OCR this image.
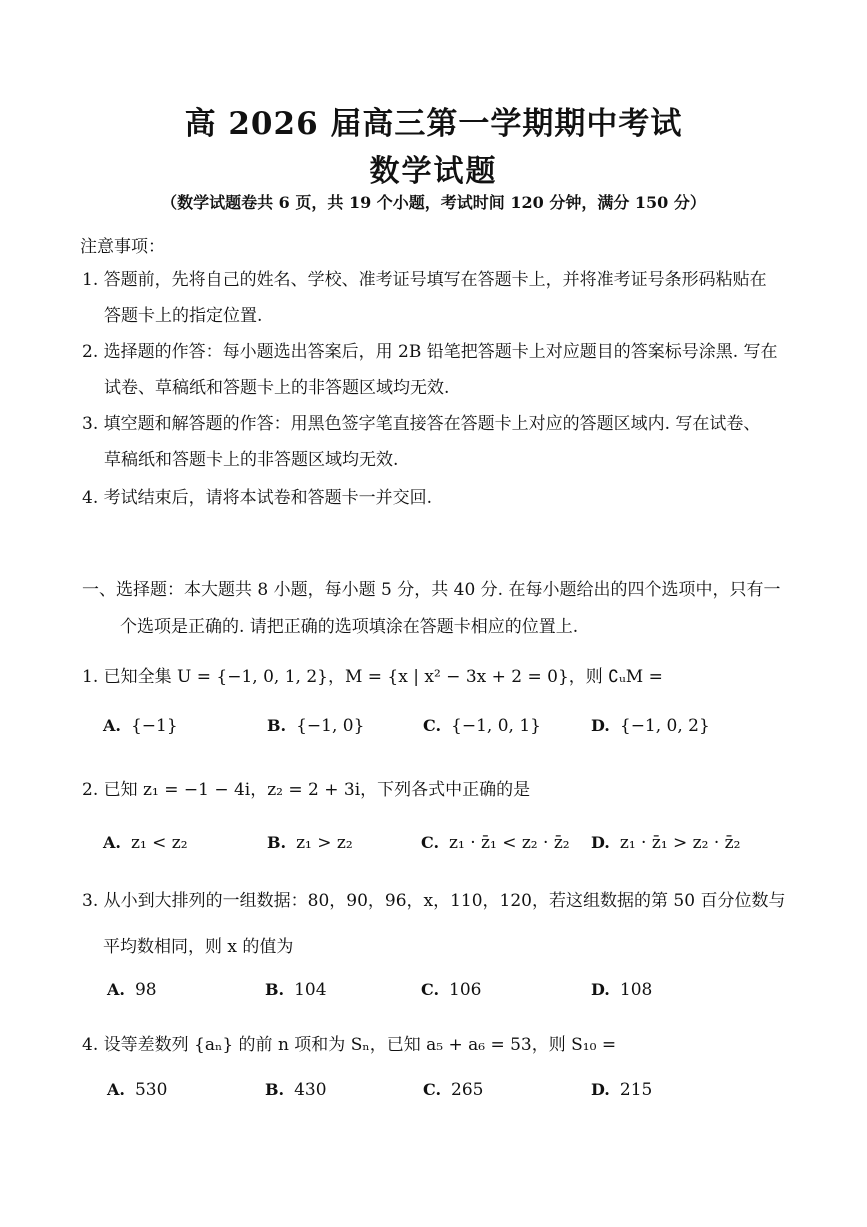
高 2026 届高三第一学期期中考试
数学试题
（数学试题卷共 6 页，共 19 个小题，考试时间 120 分钟，满分 150 分）
注意事项：
1. 答题前，先将自己的姓名、学校、准考证号填写在答题卡上，并将准考证号条形码粘贴在
答题卡上的指定位置.
2. 选择题的作答：每小题选出答案后，用 2B 铅笔把答题卡上对应题目的答案标号涂黑. 写在
试卷、草稿纸和答题卡上的非答题区域均无效.
3. 填空题和解答题的作答：用黑色签字笔直接答在答题卡上对应的答题区域内. 写在试卷、
草稿纸和答题卡上的非答题区域均无效.
4. 考试结束后，请将本试卷和答题卡一并交回.
一、选择题：本大题共 8 小题，每小题 5 分，共 40 分. 在每小题给出的四个选项中，只有一
个选项是正确的. 请把正确的选项填涂在答题卡相应的位置上.
1. 已知全集 U = {−1, 0, 1, 2}，M = {x | x² − 3x + 2 = 0}，则 ∁ᵤM =
A. {−1}	B. {−1, 0}	C. {−1, 0, 1}	D. {−1, 0, 2}
2. 已知 z₁ = −1 − 4i，z₂ = 2 + 3i，下列各式中正确的是
A. z₁ < z₂	B. z₁ > z₂	C. z₁ · z̄₁ < z₂ · z̄₂ D. z₁ · z̄₁ > z₂ · z̄₂
3. 从小到大排列的一组数据：80，90，96，x，110，120，若这组数据的第 50 百分位数与
平均数相同，则 x 的值为
A. 98	B. 104	C. 106	D. 108
4. 设等差数列 {aₙ} 的前 n 项和为 Sₙ，已知 a₅ + a₆ = 53，则 S₁₀ =
A. 530	B. 430	C. 265	D. 215
